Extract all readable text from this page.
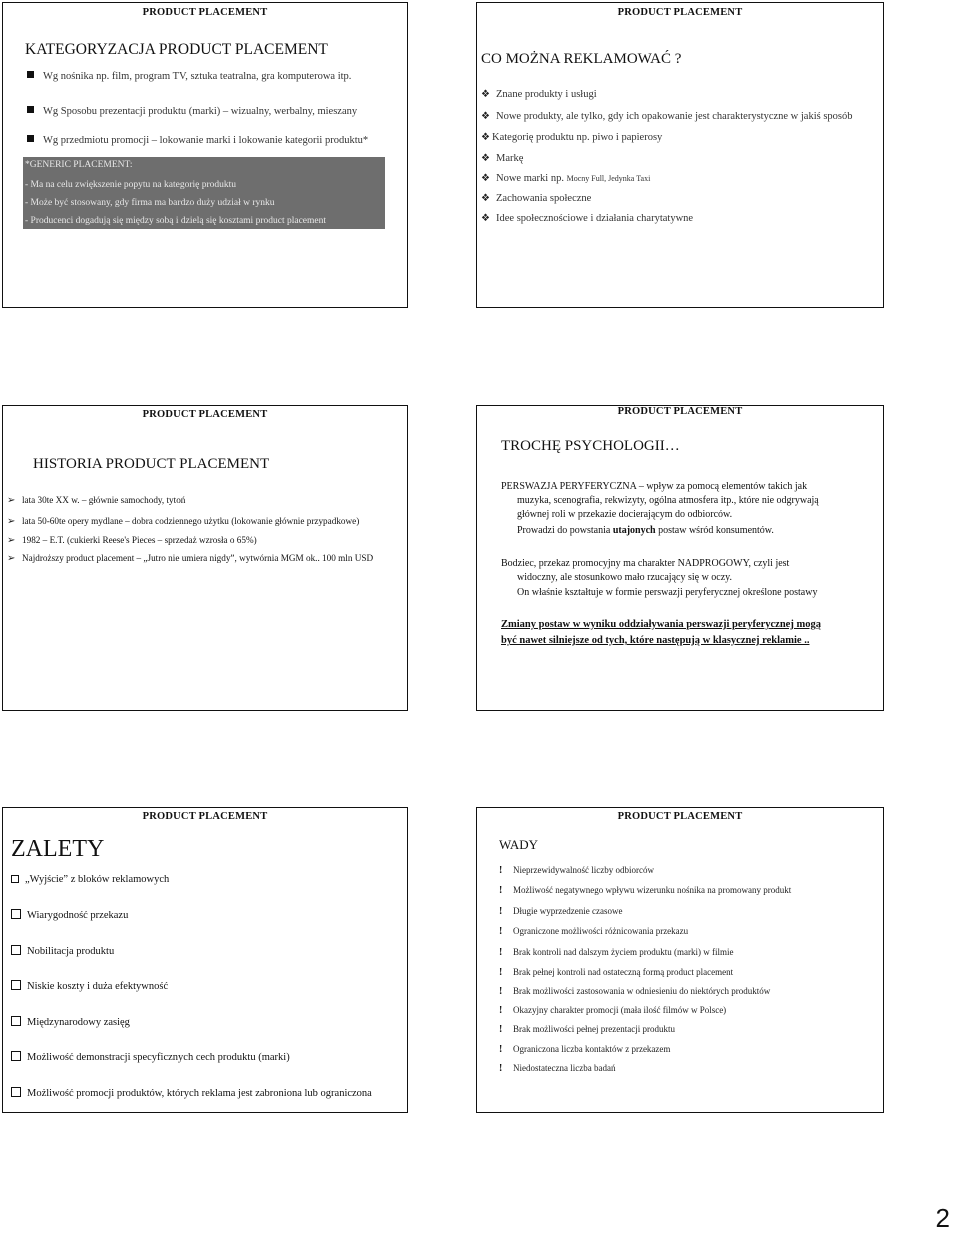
PRODUCT PLACEMENT
KATEGORYZACJA PRODUCT PLACEMENT
Wg nośnika np. film, program TV, sztuka teatralna, gra komputerowa itp.
Wg Sposobu prezentacji produktu (marki) – wizualny, werbalny, mieszany
Wg przedmiotu promocji – lokowanie marki i lokowanie kategorii produktu*
*GENERIC PLACEMENT:
- Ma na celu zwiększenie popytu na kategorię produktu
- Może być stosowany, gdy firma ma bardzo duży udział w rynku
- Producenci dogadują się między sobą i dzielą się kosztami product placement
PRODUCT PLACEMENT
CO MOŻNA REKLAMOWAĆ ?
❖ Znane produkty i usługi
❖ Nowe produkty, ale tylko, gdy ich opakowanie jest charakterystyczne w jakiś sposób
❖ Kategorię produktu np. piwo i papierosy
❖ Markę
❖ Nowe marki np. Mocny Full, Jedynka Taxi
❖ Zachowania społeczne
❖ Idee społecznościowe i działania charytatywne
PRODUCT PLACEMENT
HISTORIA PRODUCT PLACEMENT
➢ lata 30te XX w. – głównie samochody, tytoń
➢ lata 50-60te opery mydlane – dobra codziennego użytku (lokowanie głównie przypadkowe)
➢ 1982 – E.T. (cukierki Reese's Pieces – sprzedaż wzrosła o 65%)
➢ Najdroższy product placement – „Jutro nie umiera nigdy”, wytwórnia MGM ok.. 100 mln USD
PRODUCT PLACEMENT
TROCHĘ PSYCHOLOGII…
PERSWAZJA PERYFERYCZNA – wpływ za pomocą elementów takich jak
muzyka, scenografia, rekwizyty, ogólna atmosfera itp., które nie odgrywają
głównej roli w przekazie docierającym do odbiorców.
Prowadzi do powstania utajonych postaw wśród konsumentów.
Bodziec, przekaz promocyjny ma charakter NADPROGOWY, czyli jest
widoczny, ale stosunkowo mało rzucający się w oczy.
On właśnie kształtuje w formie perswazji peryferycznej określone postawy
Zmiany postaw w wyniku oddziaływania perswazji peryferycznej mogą
być nawet silniejsze od tych, które następują w klasycznej reklamie ..
PRODUCT PLACEMENT
ZALETY
„Wyjście” z bloków reklamowych
Wiarygodność przekazu
Nobilitacja produktu
Niskie koszty i duża efektywność
Międzynarodowy zasięg
Możliwość demonstracji specyficznych cech produktu (marki)
Możliwość promocji produktów, których reklama jest zabroniona lub ograniczona
PRODUCT PLACEMENT
WADY
! Nieprzewidywalność liczby odbiorców
! Możliwość negatywnego wpływu wizerunku nośnika na promowany produkt
! Długie wyprzedzenie czasowe
! Ograniczone możliwości różnicowania przekazu
! Brak kontroli nad dalszym życiem produktu (marki) w filmie
! Brak pełnej kontroli nad ostateczną formą product placement
! Brak możliwości zastosowania w odniesieniu do niektórych produktów
! Okazyjny charakter promocji (mała ilość filmów w Polsce)
! Brak możliwości pełnej prezentacji produktu
! Ograniczona liczba kontaktów z przekazem
! Niedostateczna liczba badań
2
